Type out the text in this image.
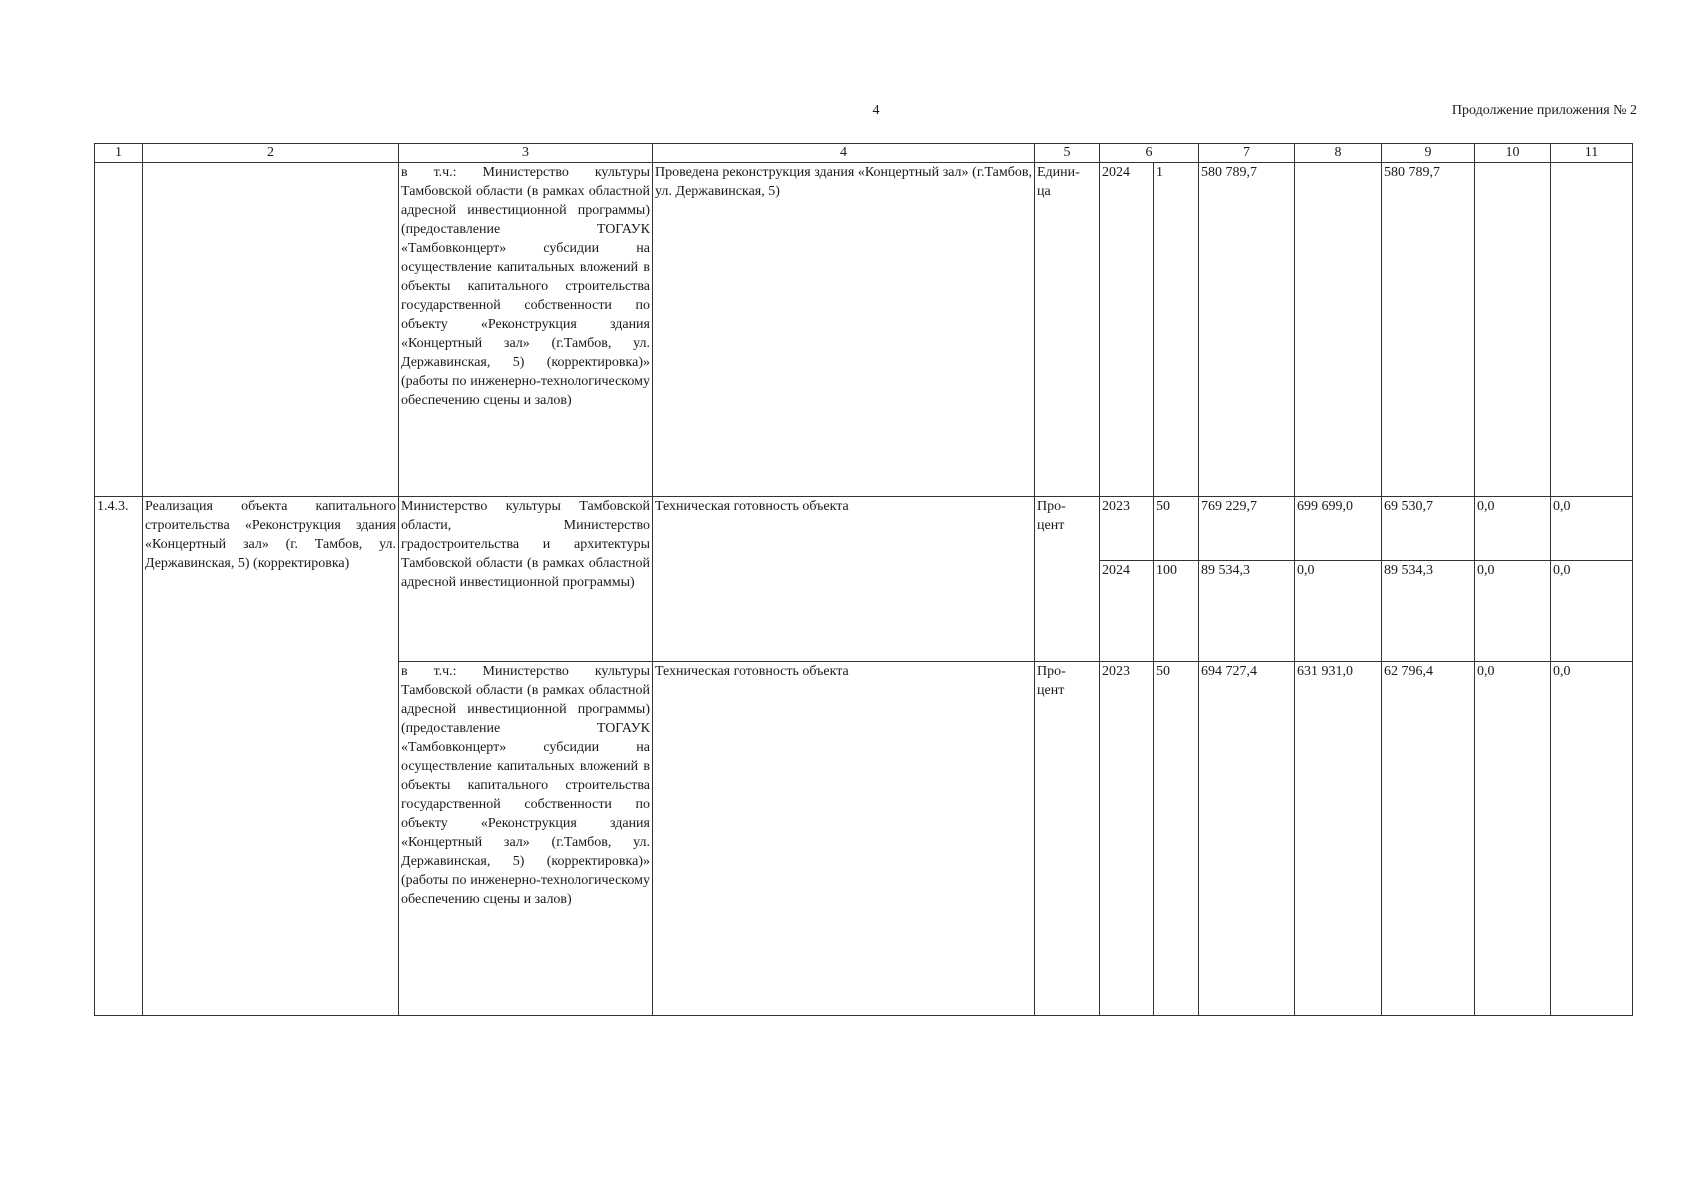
4	Продолжение приложения № 2
1	2	3	4	5	6		7	8	9	10	11
		в т.ч.: Министерство культуры Тамбовской области (в рамках областной адресной инвестиционной программы) (предоставление ТОГАУК «Тамбовконцерт» субсидии на осуществление капитальных вложений в объекты капитального строительства государственной собственности по объекту «Реконструкция здания «Концертный зал» (г.Тамбов, ул. Державинская, 5) (корректировка)» (работы по инженерно-технологическому обеспечению сцены и залов)	Проведена реконструкция здания «Концертный зал» (г.Тамбов, ул. Державинская, 5)	Едини-
ца	2024	1	580 789,7		580 789,7		
1.4.3.	Реализация объекта капитального строительства «Реконструкция здания «Концертный зал» (г. Тамбов, ул. Державинская, 5) (корректировка)	Министерство культуры Тамбовской области, Министерство градостроительства и архитектуры Тамбовской области (в рамках областной адресной инвестиционной программы)	Техническая готовность объекта	Про-
цент	2023	50	769 229,7	699 699,0	69 530,7	0,0	0,0
					2024	100	89 534,3	0,0	89 534,3	0,0	0,0
		в т.ч.: Министерство культуры Тамбовской области (в рамках областной адресной инвестиционной программы) (предоставление ТОГАУК «Тамбовконцерт» субсидии на осуществление капитальных вложений в объекты капитального строительства государственной собственности по объекту «Реконструкция здания «Концертный зал» (г.Тамбов, ул. Державинская, 5) (корректировка)» (работы по инженерно-технологическому обеспечению сцены и залов)	Техническая готовность объекта	Про-
цент	2023	50	694 727,4	631 931,0	62 796,4	0,0	0,0
